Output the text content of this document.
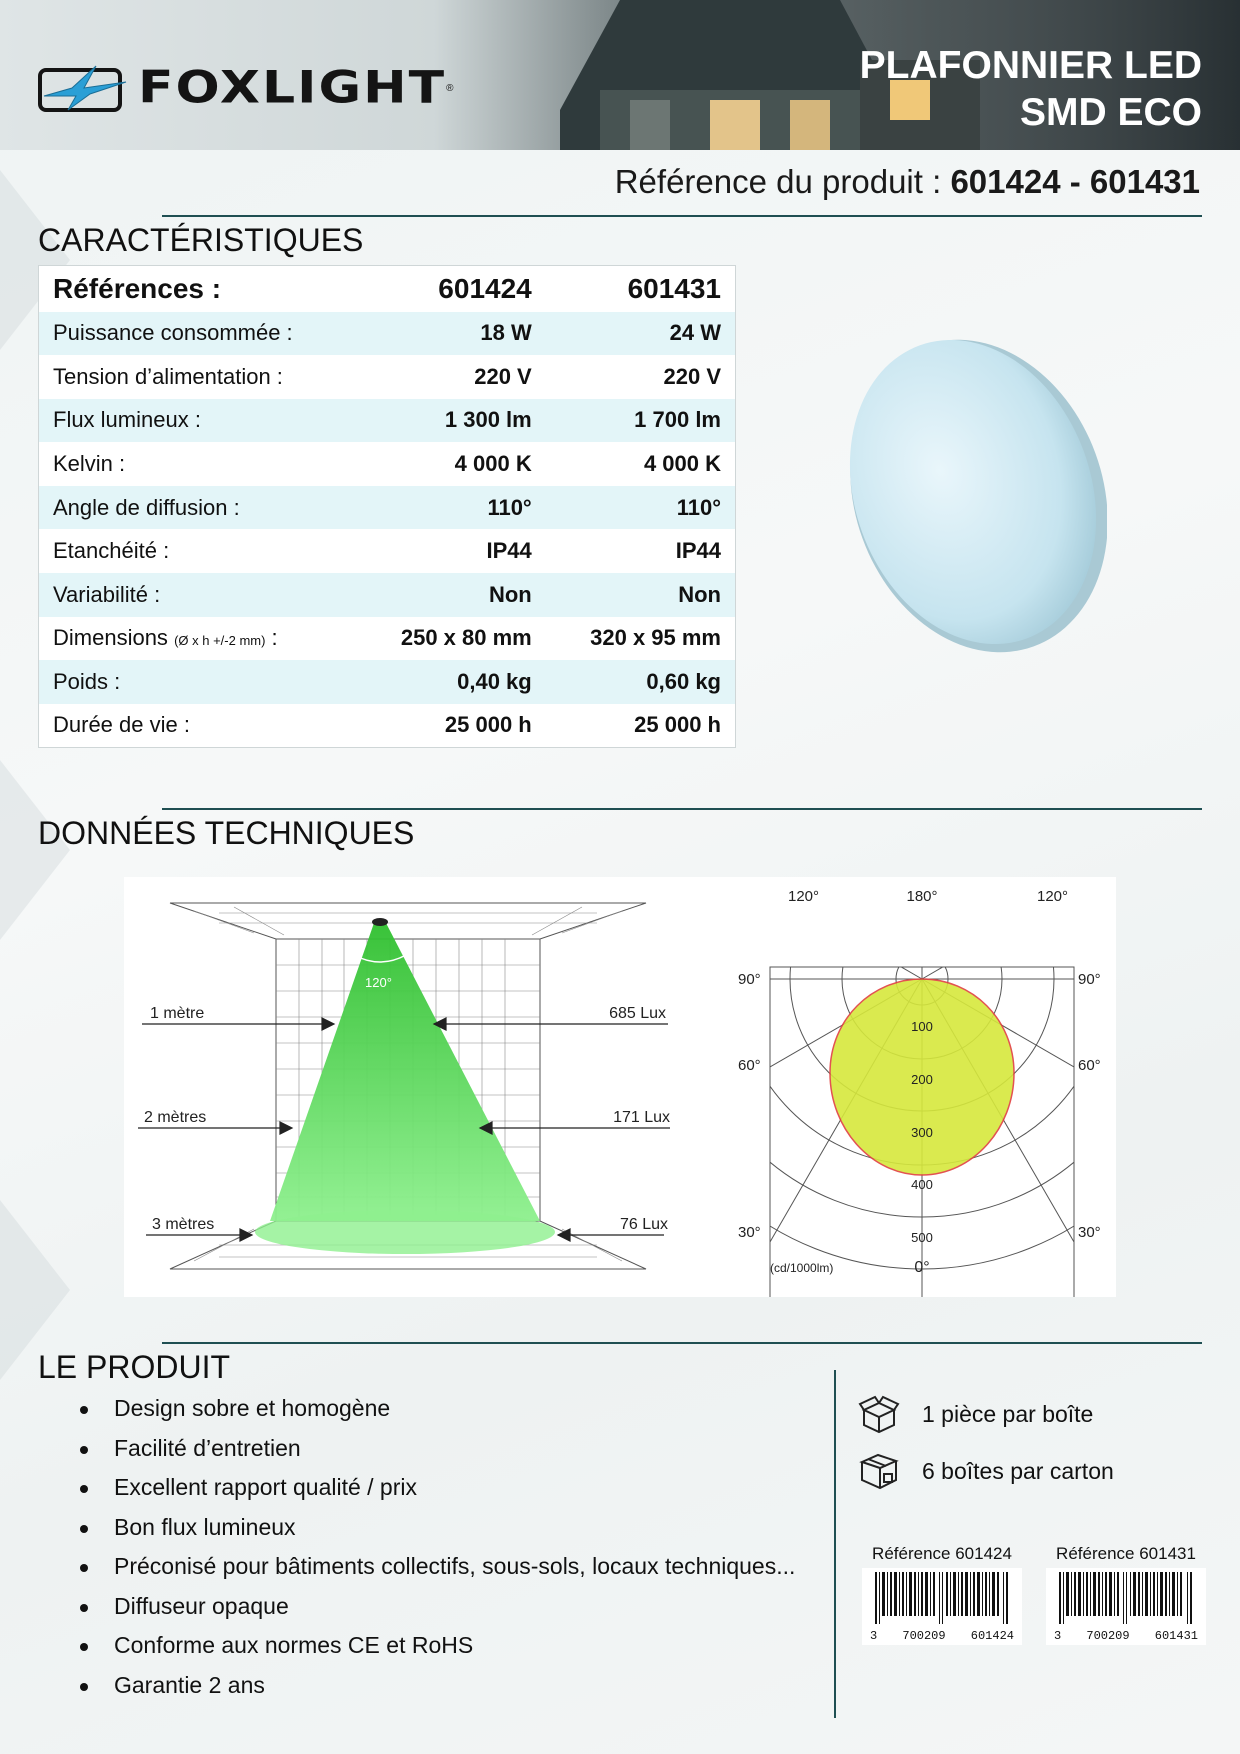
FOXLIGHT ®
PLAFONNIER LED
SMD ECO
Référence du produit : 601424 - 601431
CARACTÉRISTIQUES
Références :	601424	601431
Puissance consommée :	18 W	24 W
Tension d’alimentation :	220 V	220 V
Flux lumineux :	1 300 lm	1 700 lm
Kelvin :	4 000 K	4 000 K
Angle de diffusion :	110°	110°
Etanchéité :	IP44	IP44
Variabilité :	Non	Non
Dimensions (Ø x h +/-2 mm) :	250 x 80 mm	320 x 95 mm
Poids :	0,40 kg	0,60 kg
Durée de vie :	25 000 h	25 000 h
DONNÉES TECHNIQUES
120°
1 mètre
2 mètres
3 mètres
685 Lux
171 Lux
76 Lux
100
200
300
400
500
120°	180°	120°
90°	90°
60°	60°
30°	30°
0°
(cd/1000lm)
LE PRODUIT
Design sobre et homogène
Facilité d’entretien
Excellent rapport qualité / prix
Bon flux lumineux
Préconisé pour bâtiments collectifs, sous-sols, locaux techniques...
Diffuseur opaque
Conforme aux normes CE et RoHS
Garantie 2 ans
1 pièce par boîte
6 boîtes par carton
Référence 601424
3 700209 601424
Référence 601431
3 700209 601431
